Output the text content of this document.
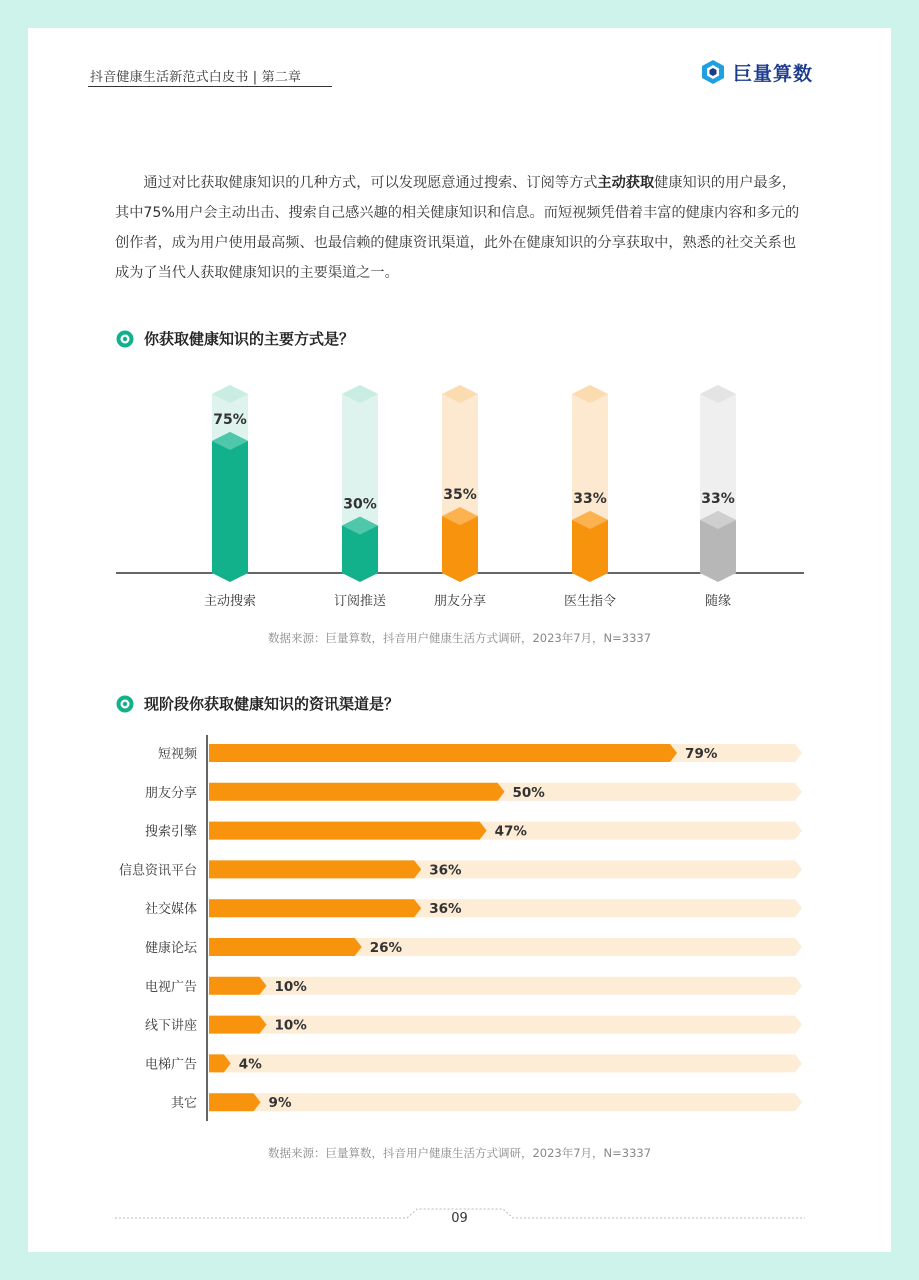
抖音健康生活新范式白皮书 | 第二章	巨量算数
通过对比获取健康知识的几种方式，可以发现愿意通过搜索、订阅等方式主动获取健康知识的用户最多，其中75%用户会主动出击、搜索自己感兴趣的相关健康知识和信息。而短视频凭借着丰富的健康内容和多元的创作者，成为用户使用最高频、也最信赖的健康资讯渠道，此外在健康知识的分享获取中，熟悉的社交关系也成为了当代人获取健康知识的主要渠道之一。
你获取健康知识的主要方式是？
75%
主动搜索
30%
订阅推送
35%
朋友分享
33%
医生指令
33%
随缘
数据来源：巨量算数，抖音用户健康生活方式调研，2023年7月，N=3337
现阶段你获取健康知识的资讯渠道是？
79%
短视频
50%
朋友分享
47%
搜索引擎
36%
信息资讯平台
36%
社交媒体
26%
健康论坛
10%
电视广告
10%
线下讲座
4%
电梯广告
9%
其它
数据来源：巨量算数，抖音用户健康生活方式调研，2023年7月，N=3337
09
